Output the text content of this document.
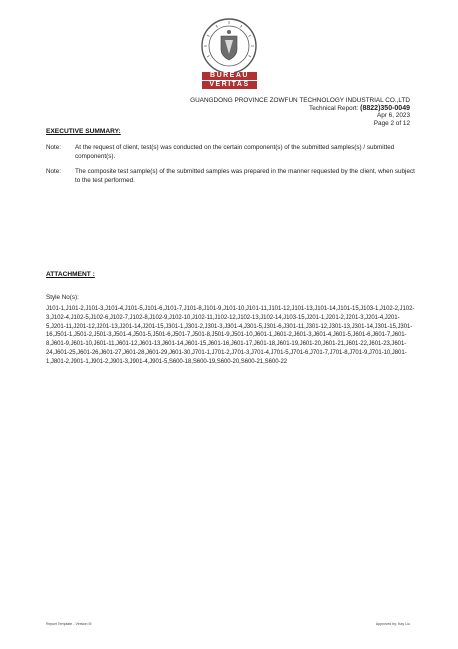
BUREAU
VERITAS
GUANGDONG PROVINCE ZOWFUN TECHNOLOGY INDUSTRIAL CO.,LTD
Technical Report: (8822)350-0049
Apr 6, 2023
Page 2 of 12
EXECUTIVE SUMMARY:
Note:	At the request of client, test(s) was conducted on the certain component(s) of the submitted samples(s) / submitted component(s).
Note:	The composite test sample(s) of the submitted samples was prepared in the manner requested by the client, when subject to the test performed.
ATTACHMENT :
Style No(s):
J101-1,J101-2,J101-3,J101-4,J101-5,J101-6,J101-7,J101-8,J101-9,J101-10,J101-11,J101-12,J101-13,J101-14,J101-15,J103-1,J102-2,J102-3,J102-4,J102-5,J102-6,J102-7,J102-8,J102-9,J102-10,J102-11,J102-12,J102-13,J102-14,J103-15,J201-1,J201-2,J201-3,J201-4,J201-5,J201-11,J201-12,J201-13,J201-14,J201-15,J301-1,J301-2,J301-3,J301-4,J301-5,J301-6,J301-11,J301-12,J301-13,J301-14,J301-15,J301-16,J501-1,J501-2,J501-3,J501-4,J501-5,J501-6,J501-7,J501-8,J501-9,J501-10,J601-1,J601-2,J601-3,J601-4,J601-5,J601-6,J601-7,J601-8,J601-9,J601-10,J601-11,J601-12,J601-13,J601-14,J601-15,J601-16,J601-17,J601-18,J601-19,J601-20,J601-21,J601-22,J601-23,J601-24,J601-25,J601-26,J601-27,J601-28,J601-29,J601-30,J701-1,J701-2,J701-3,J701-4,J701-5,J701-6,J701-7,J701-8,J701-9,J701-10,J801-1,J801-2,J901-1,J901-2,J901-3,J901-4,J901-5,S600-18,S600-19,S600-20,S600-21,S600-22
Report Template - Version III	Approved by: Kay Liu
